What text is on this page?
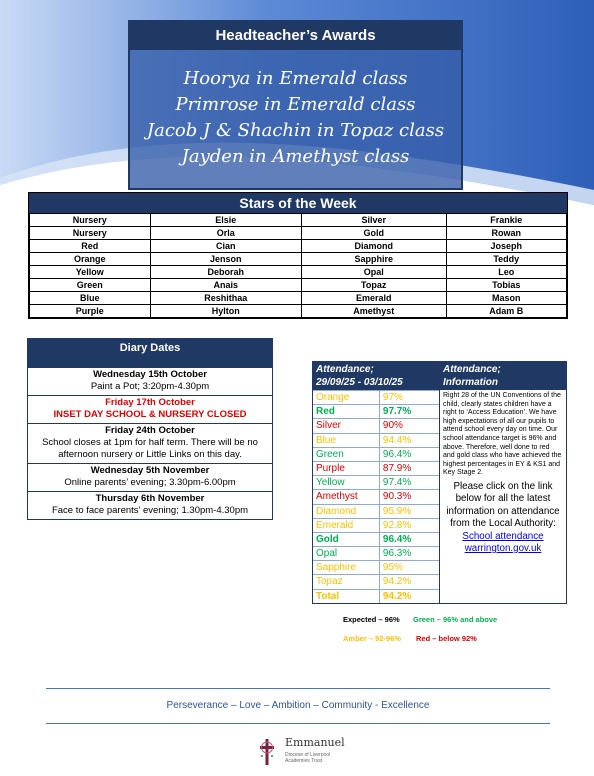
Headteacher’s Awards
Hoorya in Emerald class
Primrose in Emerald class
Jacob J & Shachin in Topaz class
Jayden in Amethyst class
Stars of the Week
Nursery	Elsie	Silver	Frankie
Nursery	Orla	Gold	Rowan
Red	Cian	Diamond	Joseph
Orange	Jenson	Sapphire	Teddy
Yellow	Deborah	Opal	Leo
Green	Anais	Topaz	Tobias
Blue	Reshithaa	Emerald	Mason
Purple	Hylton	Amethyst	Adam B
Diary Dates
Wednesday 15th October
Paint a Pot; 3:20pm-4.30pm
Friday 17th October
INSET DAY SCHOOL & NURSERY CLOSED
Friday 24th October
School closes at 1pm for half term. There will be no afternoon nursery or Little Links on this day.
Wednesday 5th November
Online parents’ evening; 3.30pm-6.00pm
Thursday 6th November
Face to face parents’ evening; 1.30pm-4.30pm
Attendance;
29/09/25 - 03/10/25
Orange	97%
Red	97.7%
Silver	90%
Blue	94.4%
Green	96.4%
Purple	87.9%
Yellow	97.4%
Amethyst	90.3%
Diamond	95.9%
Emerald	92.8%
Gold	96.4%
Opal	96.3%
Sapphire	95%
Topaz	94.2%
Total	94.2%
Attendance;
Information
Right 28 of the UN Conventions of the child, clearly states children have a right to ‘Access Education’. We have high expectations of all our pupils to attend school every day on time. Our school attendance target is 96% and above. Therefore, well done to red and gold class who have achieved the highest percentages in EY & KS1 and Key Stage 2.
Please click on the link below for all the latest information on attendance from the Local Authority:
School attendance warrington.gov.uk
Expected – 96% Green – 96% and above
Amber – 92-96% Red – below 92%
Perseverance – Love – Ambition – Community - Excellence
Emmanuel
Diocese of Liverpool
Academies Trust
